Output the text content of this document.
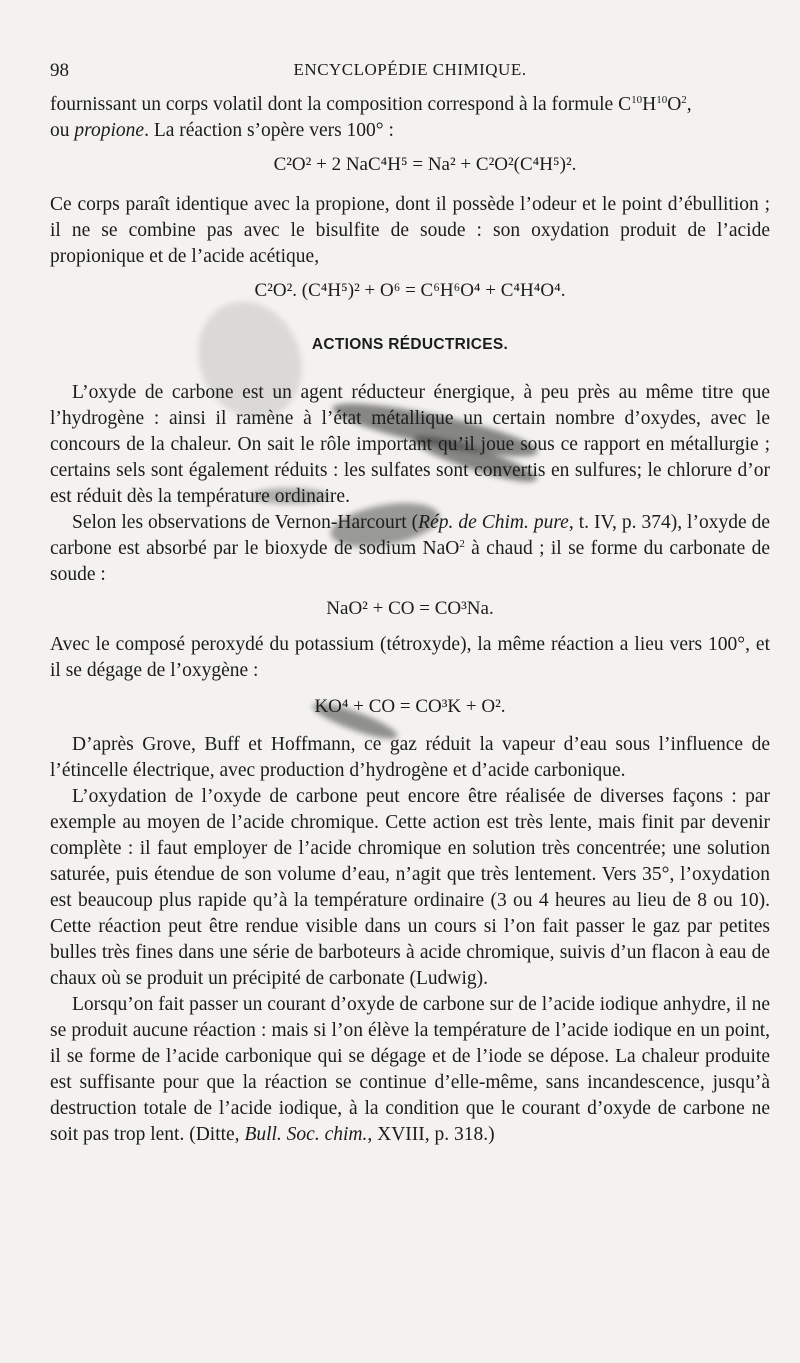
98	ENCYCLOPÉDIE CHIMIQUE.

fournissant un corps volatil dont la composition correspond à la formule $C^{10}H^{10}O^2$,
ou propione. La réaction s’opère vers 100° :

C²O² + 2 NaC⁴H⁵ = Na² + C²O²(C⁴H⁵)².

Ce corps paraît identique avec la propione, dont il possède l’odeur et le point d’ébullition ; il ne se combine pas avec le bisulfite de soude : son oxydation produit de l’acide propionique et de l’acide acétique,

C²O². (C⁴H⁵)² + O⁶ = C⁶H⁶O⁴ + C⁴H⁴O⁴.
ACTIONS RÉDUCTRICES.

L’oxyde de carbone est un agent réducteur énergique, à peu près au même titre que l’hydrogène : ainsi il ramène à l’état métallique un certain nombre d’oxydes, avec le concours de la chaleur. On sait le rôle important qu’il joue sous ce rapport en métallurgie ; certains sels sont également réduits : les sulfates sont convertis en sulfures; le chlorure d’or est réduit dès la température ordinaire.

Selon les observations de Vernon-Harcourt (Rép. de Chim. pure, t. IV, p. 374), l’oxyde de carbone est absorbé par le bioxyde de sodium NaO$^2$ à chaud ; il se forme du carbonate de soude :

NaO² + CO = CO³Na.

Avec le composé peroxydé du potassium (tétroxyde), la même réaction a lieu vers 100°, et il se dégage de l’oxygène :

KO⁴ + CO = CO³K + O².

D’après Grove, Buff et Hoffmann, ce gaz réduit la vapeur d’eau sous l’influence de l’étincelle électrique, avec production d’hydrogène et d’acide carbonique.

L’oxydation de l’oxyde de carbone peut encore être réalisée de diverses façons : par exemple au moyen de l’acide chromique. Cette action est très lente, mais finit par devenir complète : il faut employer de l’acide chromique en solution très concentrée; une solution saturée, puis étendue de son volume d’eau, n’agit que très lentement. Vers 35°, l’oxydation est beaucoup plus rapide qu’à la température ordinaire (3 ou 4 heures au lieu de 8 ou 10). Cette réaction peut être rendue visible dans un cours si l’on fait passer le gaz par petites bulles très fines dans une série de barboteurs à acide chromique, suivis d’un flacon à eau de chaux où se produit un précipité de carbonate (Ludwig).

Lorsqu’on fait passer un courant d’oxyde de carbone sur de l’acide iodique anhydre, il ne se produit aucune réaction : mais si l’on élève la température de l’acide iodique en un point, il se forme de l’acide carbonique qui se dégage et de l’iode se dépose. La chaleur produite est suffisante pour que la réaction se continue d’elle-même, sans incandescence, jusqu’à destruction totale de l’acide iodique, à la condition que le courant d’oxyde de carbone ne soit pas trop lent. (Ditte, Bull. Soc. chim., XVIII, p. 318.)
